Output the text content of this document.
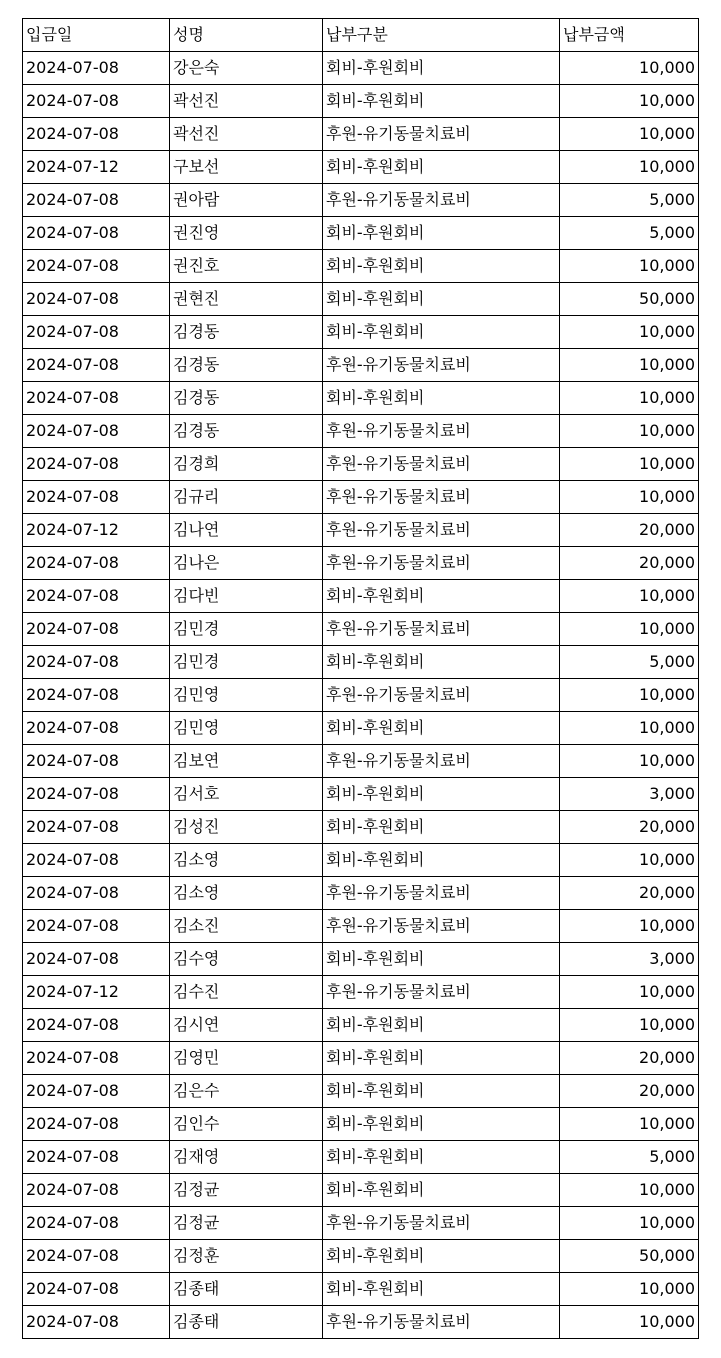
입금일	성명	납부구분	납부금액
2024-07-08	강은숙	회비-후원회비	10,000
2024-07-08	곽선진	회비-후원회비	10,000
2024-07-08	곽선진	후원-유기동물치료비	10,000
2024-07-12	구보선	회비-후원회비	10,000
2024-07-08	권아람	후원-유기동물치료비	5,000
2024-07-08	권진영	회비-후원회비	5,000
2024-07-08	권진호	회비-후원회비	10,000
2024-07-08	권현진	회비-후원회비	50,000
2024-07-08	김경동	회비-후원회비	10,000
2024-07-08	김경동	후원-유기동물치료비	10,000
2024-07-08	김경동	회비-후원회비	10,000
2024-07-08	김경동	후원-유기동물치료비	10,000
2024-07-08	김경희	후원-유기동물치료비	10,000
2024-07-08	김규리	후원-유기동물치료비	10,000
2024-07-12	김나연	후원-유기동물치료비	20,000
2024-07-08	김나은	후원-유기동물치료비	20,000
2024-07-08	김다빈	회비-후원회비	10,000
2024-07-08	김민경	후원-유기동물치료비	10,000
2024-07-08	김민경	회비-후원회비	5,000
2024-07-08	김민영	후원-유기동물치료비	10,000
2024-07-08	김민영	회비-후원회비	10,000
2024-07-08	김보연	후원-유기동물치료비	10,000
2024-07-08	김서호	회비-후원회비	3,000
2024-07-08	김성진	회비-후원회비	20,000
2024-07-08	김소영	회비-후원회비	10,000
2024-07-08	김소영	후원-유기동물치료비	20,000
2024-07-08	김소진	후원-유기동물치료비	10,000
2024-07-08	김수영	회비-후원회비	3,000
2024-07-12	김수진	후원-유기동물치료비	10,000
2024-07-08	김시연	회비-후원회비	10,000
2024-07-08	김영민	회비-후원회비	20,000
2024-07-08	김은수	회비-후원회비	20,000
2024-07-08	김인수	회비-후원회비	10,000
2024-07-08	김재영	회비-후원회비	5,000
2024-07-08	김정균	회비-후원회비	10,000
2024-07-08	김정균	후원-유기동물치료비	10,000
2024-07-08	김정훈	회비-후원회비	50,000
2024-07-08	김종태	회비-후원회비	10,000
2024-07-08	김종태	후원-유기동물치료비	10,000
